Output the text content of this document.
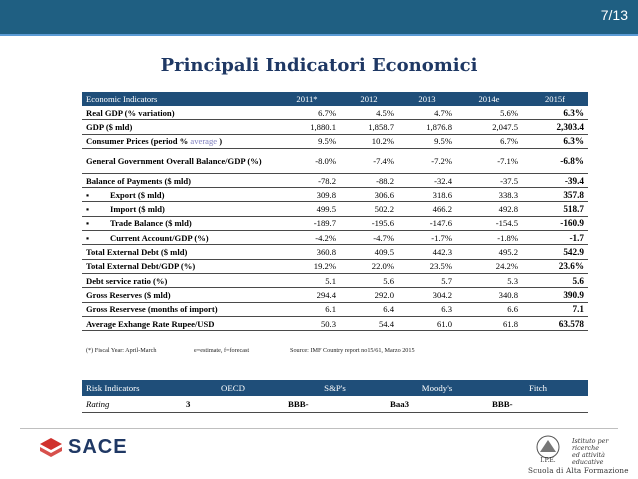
7/13
Principali Indicatori Economici
Economic Indicators	2011*	2012	2013	2014e	2015f
Real GDP (% variation)	6.7%	4.5%	4.7%	5.6%	6.3%
GDP ($ mld)	1,880.1	1,858.7	1,876.8	2,047.5	2,303.4
Consumer Prices (period % average )	9.5%	10.2%	9.5%	6.7%	6.3%
General Government Overall Balance/GDP (%)	-8.0%	-7.4%	-7.2%	-7.1%	-6.8%
Balance of Payments ($ mld)	-78.2	-88.2	-32.4	-37.5	-39.4
▪ Export ($ mld)	309.8	306.6	318.6	338.3	357.8
▪ Import ($ mld)	499.5	502.2	466.2	492.8	518.7
▪ Trade Balance ($ mld)	-189.7	-195.6	-147.6	-154.5	-160.9
▪ Current Account/GDP (%)	-4.2%	-4.7%	-1.7%	-1.8%	-1.7
Total External Debt ($ mld)	360.8	409.5	442.3	495.2	542.9
Total External Debt/GDP (%)	19.2%	22.0%	23.5%	24.2%	23.6%
Debt service ratio (%)	5.1	5.6	5.7	5.3	5.6
Gross Reserves ($ mld)	294.4	292.0	304.2	340.8	390.9
Gross Reservese (months of import)	6.1	6.4	6.3	6.6	7.1
Average Exhange Rate Rupee/USD	50.3	54.4	61.0	61.8	63.578
(*) Fiscal Year: April-March	e=estimate, f=forecast	Source: IMF Country report no15/61, Marzo 2015
Risk Indicators	OECD	S&P's	Moody's	Fitch
Rating	3	BBB-	Baa3	BBB-
SACE
I.P.E.
Istituto per ricerche
ed attività educative
Scuola di Alta Formazione
